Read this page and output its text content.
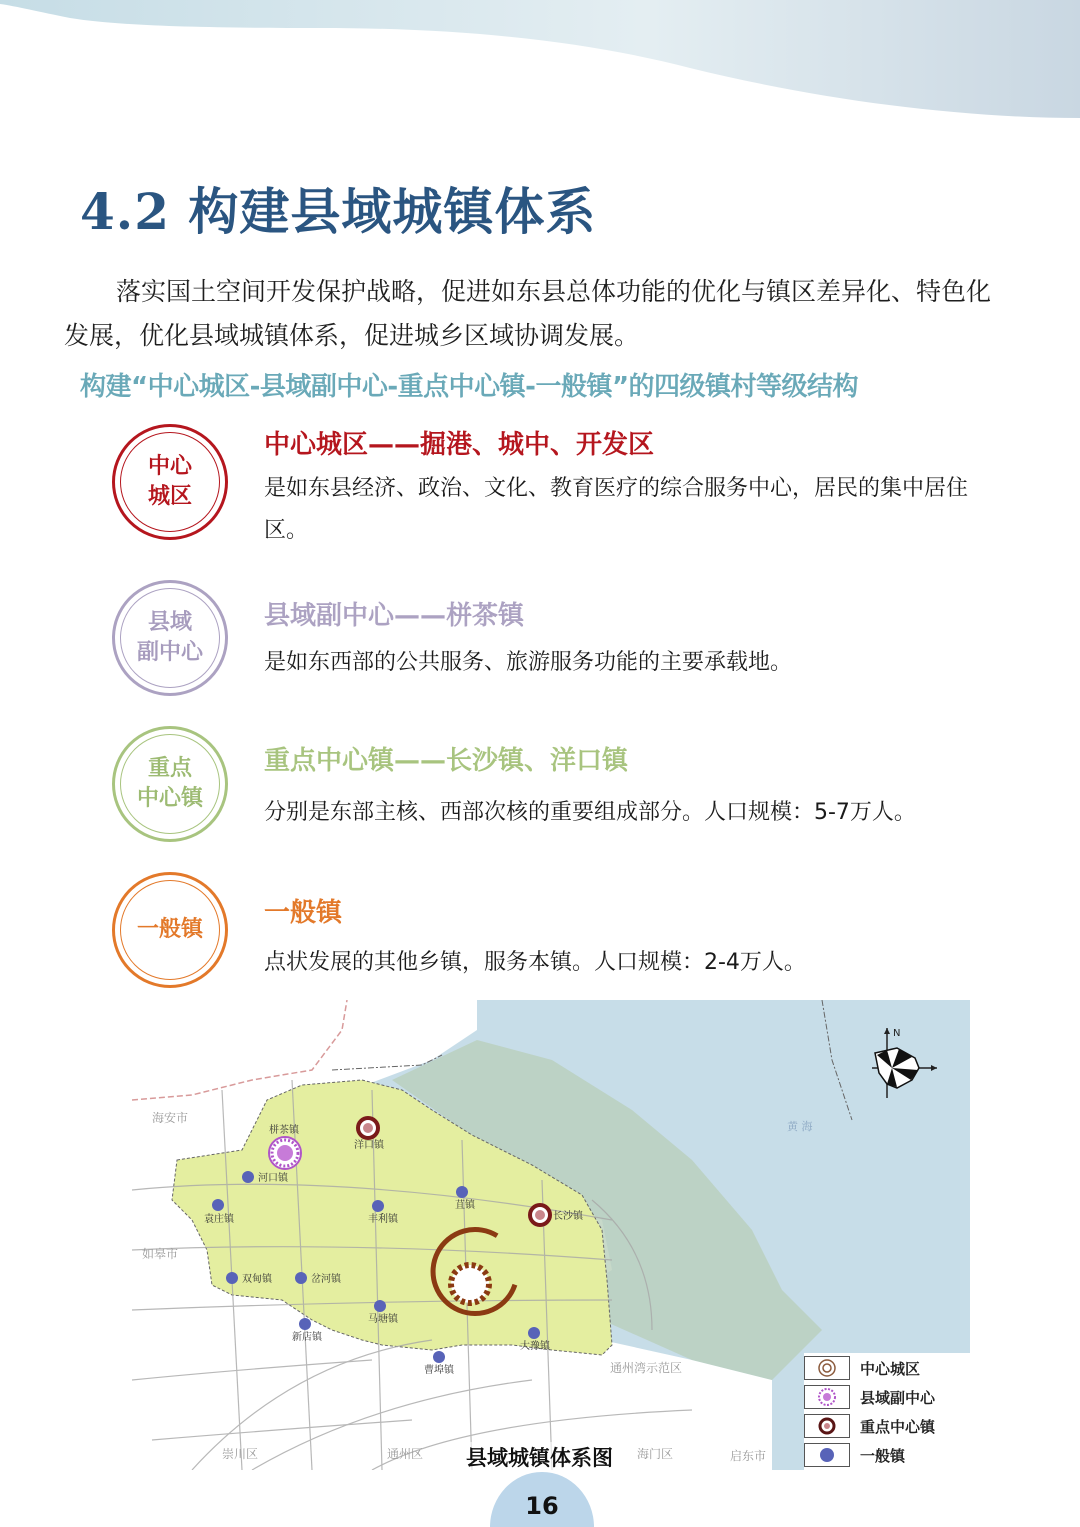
4.2 构建县域城镇体系

落实国土空间开发保护战略，促进如东县总体功能的优化与镇区差异化、特色化发展，优化县域城镇体系，促进城乡区域协调发展。

构建“中心城区-县域副中心-重点中心镇-一般镇”的四级镇村等级结构
中心
城区
中心城区——掘港、城中、开发区
是如东县经济、政治、文化、教育医疗的综合服务中心，居民的集中居住区。
县域
副中心
县域副中心——栟茶镇
是如东西部的公共服务、旅游服务功能的主要承载地。
重点
中心镇
重点中心镇——长沙镇、洋口镇
分别是东部主核、西部次核的重要组成部分。人口规模：5-7万人。
一般镇
一般镇
点状发展的其他乡镇，服务本镇。人口规模：2-4万人。
海安市
如皋市
崇川区	通州区	海门区	启东市
通州湾示范区
黄 海
栟茶镇
洋口镇
长沙镇
河口镇
袁庄镇	丰利镇
苴镇
双甸镇	岔河镇
马塘镇
新店镇
曹埠镇
大豫镇
N
县域城镇体系图
中心城区
县域副中心
重点中心镇
一般镇
16
